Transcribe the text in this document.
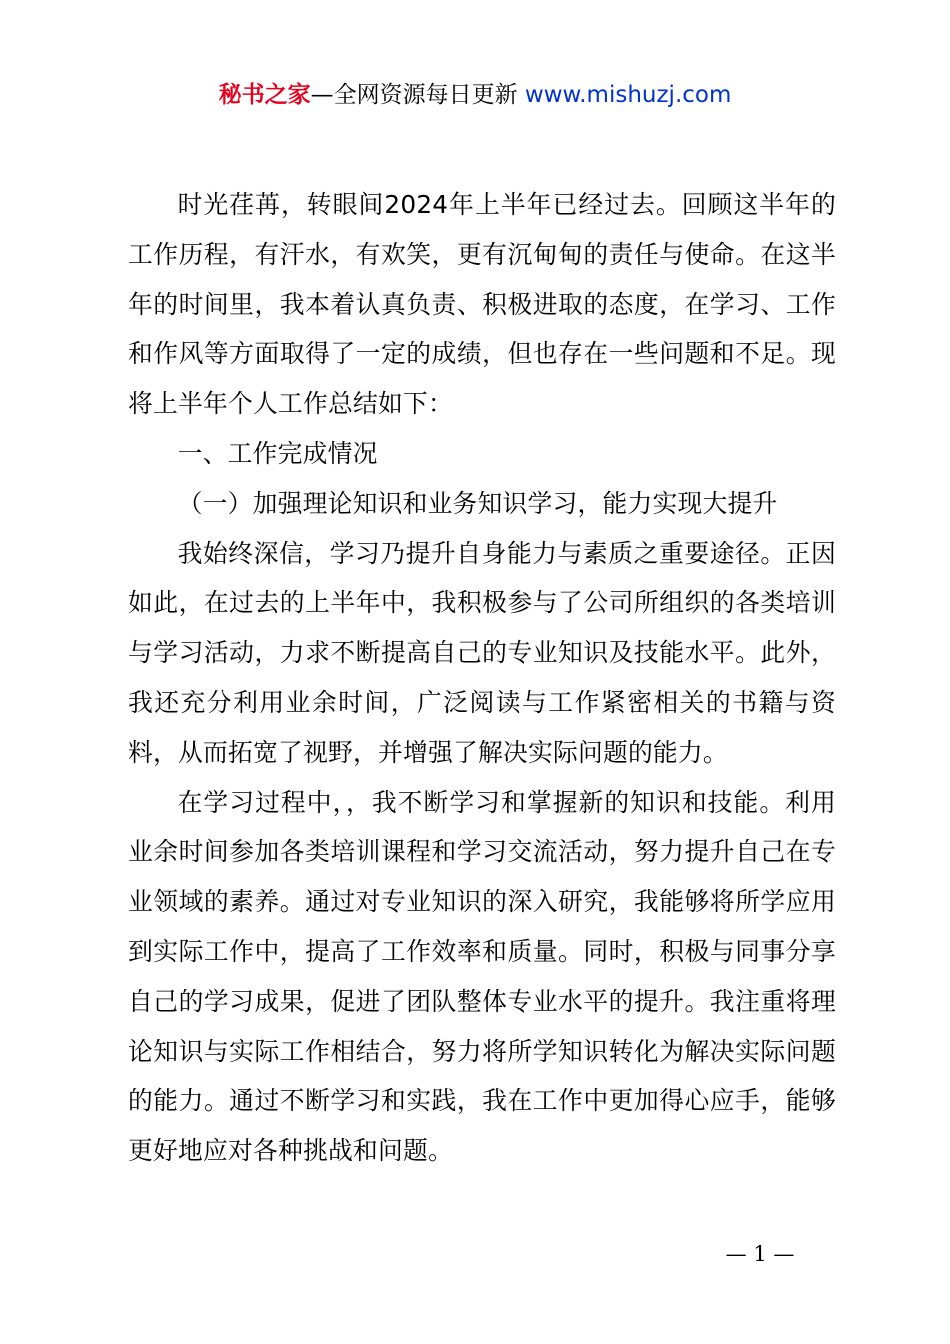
秘书之家—全网资源每日更新 www.mishuzj.com

时光荏苒，转眼间2024年上半年已经过去。回顾这半年的工作历程，有汗水，有欢笑，更有沉甸甸的责任与使命。在这半年的时间里，我本着认真负责、积极进取的态度，在学习、工作和作风等方面取得了一定的成绩，但也存在一些问题和不足。现将上半年个人工作总结如下：

一、工作完成情况

（一）加强理论知识和业务知识学习，能力实现大提升

我始终深信，学习乃提升自身能力与素质之重要途径。正因如此，在过去的上半年中，我积极参与了公司所组织的各类培训与学习活动，力求不断提高自己的专业知识及技能水平。此外，我还充分利用业余时间，广泛阅读与工作紧密相关的书籍与资料，从而拓宽了视野，并增强了解决实际问题的能力。

在学习过程中，，我不断学习和掌握新的知识和技能。利用业余时间参加各类培训课程和学习交流活动，努力提升自己在专业领域的素养。通过对专业知识的深入研究，我能够将所学应用到实际工作中，提高了工作效率和质量。同时，积极与同事分享自己的学习成果，促进了团队整体专业水平的提升。我注重将理论知识与实际工作相结合，努力将所学知识转化为解决实际问题的能力。通过不断学习和实践，我在工作中更加得心应手，能够更好地应对各种挑战和问题。

— 1 —
